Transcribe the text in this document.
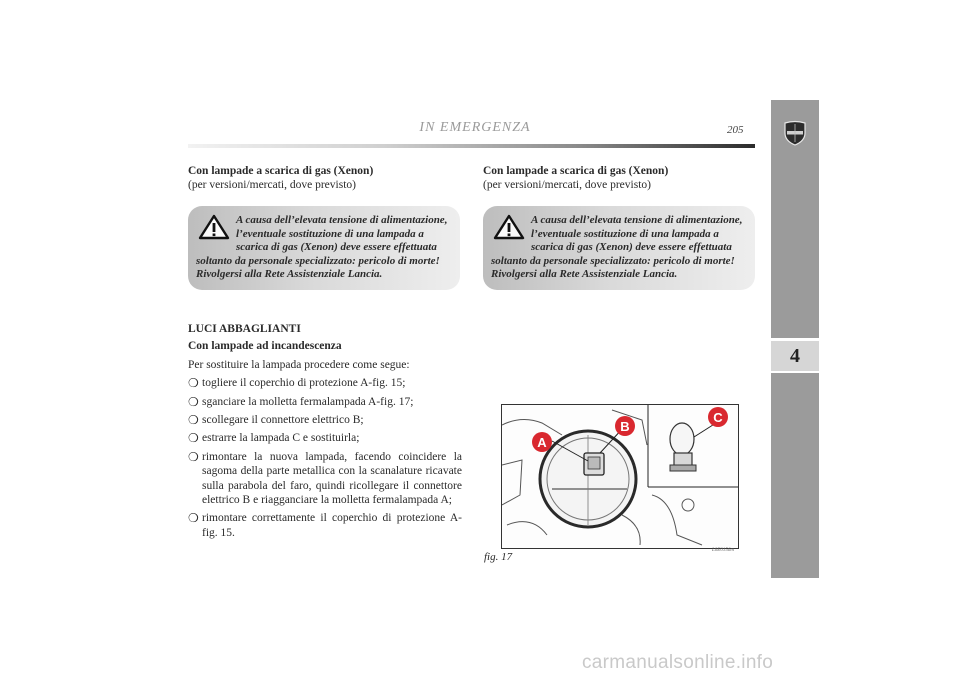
IN EMERGENZA	205
4

Con lampade a scarica di gas (Xenon)

(per versioni/mercati, dove previsto)

A causa dell’elevata tensione di alimentazione, l’eventuale sostituzione di una lampada a scarica di gas (Xenon) deve essere effettuata soltanto da personale specializzato: pericolo di morte! Rivolgersi alla Rete Assistenziale Lancia.

Con lampade a scarica di gas (Xenon)

(per versioni/mercati, dove previsto)

A causa dell’elevata tensione di alimentazione, l’eventuale sostituzione di una lampada a scarica di gas (Xenon) deve essere effettuata soltanto da personale specializzato: pericolo di morte! Rivolgersi alla Rete Assistenziale Lancia.

LUCI ABBAGLIANTI

Con lampade ad incandescenza

Per sostituire la lampada procedere come segue:

❍ togliere il coperchio di protezione A-fig. 15;
❍ sganciare la molletta fermalampada A-fig. 17;
❍ scollegare il connettore elettrico B;
❍ estrarre la lampada C e sostituirla;
❍ rimontare la nuova lampada, facendo coincidere la sagoma della parte metallica con la scanalature ricavate sulla parabola del faro, quindi ricollegare il connettore elettrico B e riagganciare la molletta fermalampada A;
❍ rimontare correttamente il coperchio di protezione A-fig. 15.
A
B
C
fig. 17
L0E0156m
carmanualsonline.info
